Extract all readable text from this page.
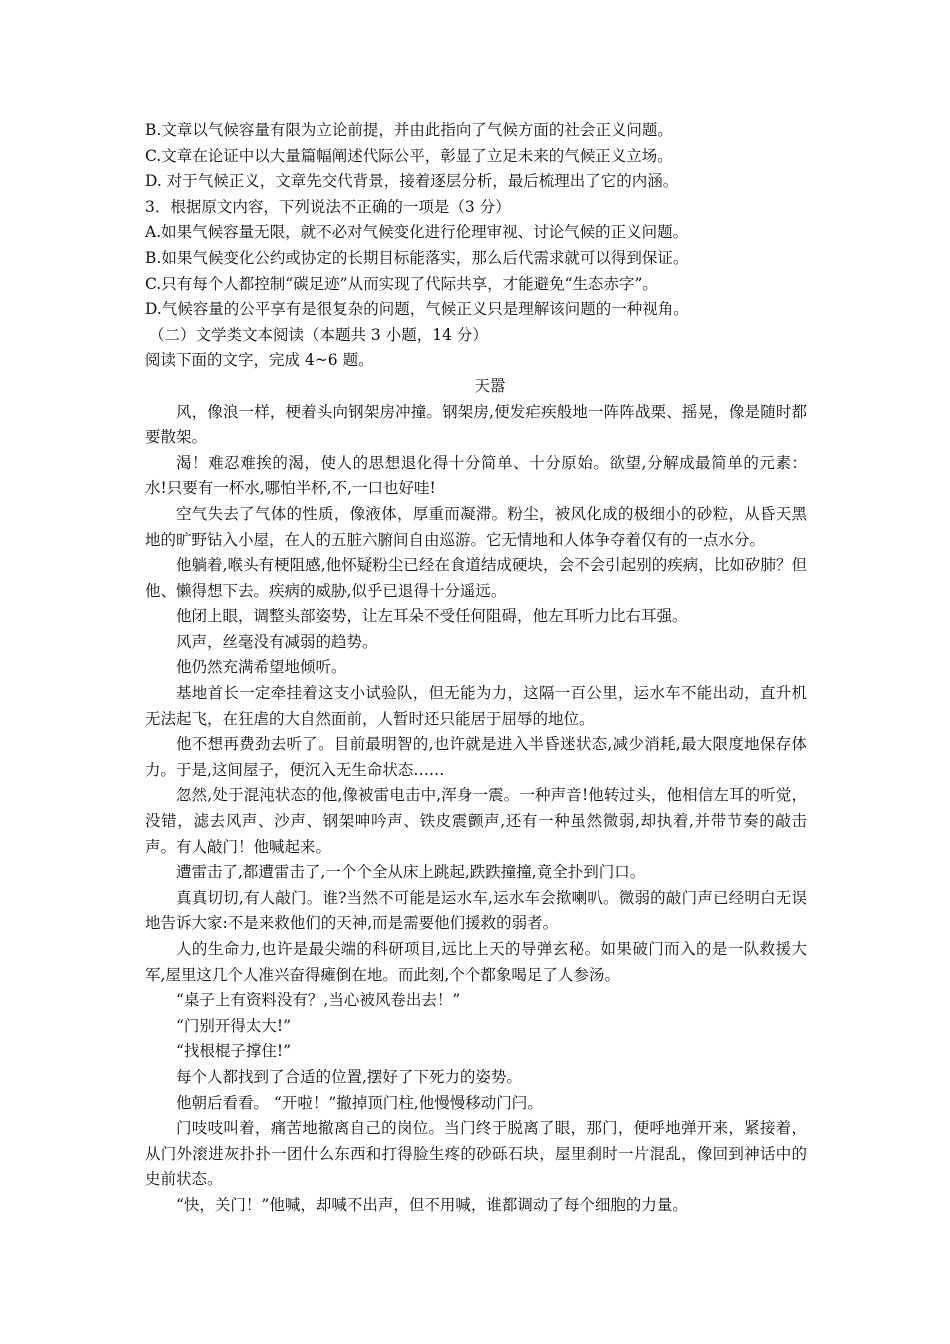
B.文章以气候容量有限为立论前提，并由此指向了气候方面的社会正义问题。
C.文章在论证中以大量篇幅阐述代际公平，彰显了立足未来的气候正义立场。
D. 对于气候正义，文章先交代背景，接着逐层分析，最后梳理出了它的内涵。
3．根据原文内容，下列说法不正确的一项是（3 分）
A.如果气候容量无限，就不必对气候变化进行伦理审视、讨论气候的正义问题。
B.如果气候变化公约或协定的长期目标能落实，那么后代需求就可以得到保证。
C.只有每个人都控制“碳足迹”从而实现了代际共享，才能避免“生态赤字”。
D.气候容量的公平享有是很复杂的问题，气候正义只是理解该问题的一种视角。
（二）文学类文本阅读（本题共 3 小题，14 分）
阅读下面的文字，完成 4~6 题。
天嚣
风，像浪一样，梗着头向钢架房冲撞。钢架房,便发疟疾般地一阵阵战栗、摇晃，像是随时都要散架。
渴！难忍难挨的渴，使人的思想退化得十分简单、十分原始。欲望,分解成最简单的元素：水!只要有一杯水,哪怕半杯,不,一口也好哇!
空气失去了气体的性质，像液体，厚重而凝滞。粉尘，被风化成的极细小的砂粒，从昏天黑地的旷野钻入小屋，在人的五脏六腑间自由巡游。它无情地和人体争夺着仅有的一点水分。
他躺着,喉头有梗阻感,他怀疑粉尘已经在食道结成硬块，会不会引起别的疾病，比如矽肺？但他、懒得想下去。疾病的威胁,似乎已退得十分遥远。
他闭上眼，调整头部姿势，让左耳朵不受任何阻碍，他左耳听力比右耳强。
风声，丝毫没有减弱的趋势。
他仍然充满希望地倾听。
基地首长一定牵挂着这支小试验队，但无能为力，这隔一百公里，运水车不能出动，直升机无法起飞，在狂虐的大自然面前，人暂时还只能居于屈辱的地位。
他不想再费劲去听了。目前最明智的,也许就是进入半昏迷状态,减少消耗,最大限度地保存体力。于是,这间屋子，便沉入无生命状态……
忽然,处于混沌状态的他,像被雷电击中,浑身一震。一种声音!他转过头，他相信左耳的听觉，没错，滤去风声、沙声、钢架呻吟声、铁皮震颤声,还有一种虽然微弱,却执着,并带节奏的敲击声。有人敲门！他喊起来。
遭雷击了,都遭雷击了,一个个全从床上跳起,跌跌撞撞,竟全扑到门口。
真真切切,有人敲门。谁?当然不可能是运水车,运水车会揿喇叭。微弱的敲门声已经明白无误地告诉大家:不是来救他们的天神,而是需要他们援救的弱者。
人的生命力,也许是最尖端的科研项目,远比上天的导弹玄秘。如果破门而入的是一队救援大军,屋里这几个人准兴奋得瘫倒在地。而此刻,个个都象喝足了人参汤。
“桌子上有资料没有？,当心被风卷出去！”
“门别开得太大!”
“找根棍子撑住!”
每个人都找到了合适的位置,摆好了下死力的姿势。
他朝后看看。 “开啦！”撤掉顶门柱,他慢慢移动门闩。
门吱吱叫着，痛苦地撤离自己的岗位。当门终于脱离了眼，那门，便呼地弹开来，紧接着，从门外滚进灰扑扑一团什么东西和打得脸生疼的砂砾石块，屋里刹时一片混乱，像回到神话中的史前状态。
“快，关门！”他喊，却喊不出声，但不用喊，谁都调动了每个细胞的力量。
